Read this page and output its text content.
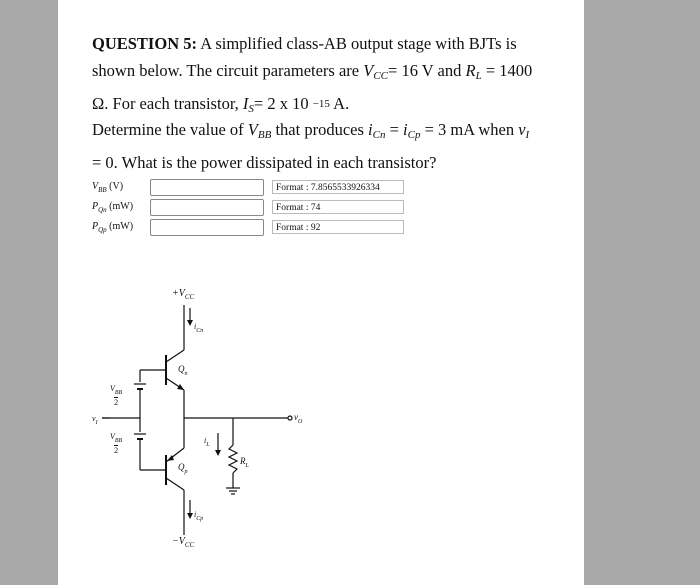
QUESTION 5: A simplified class-AB output stage with BJTs is
shown below. The circuit parameters are $V_{CC}= 16$ V and $R_L = 1400$
Ω. For each transistor, $I_S= 2$ x 10 $^{-15}$ A.
Determine the value of $V_{BB}$ that produces $i_{Cn} = i_{Cp} = 3$ mA when $v_I$
= 0. What is the power dissipated in each transistor?
$V_{BB}$ (V)	Format : 7.8565533926334
$P_{Qn}$ (mW)	Format : 74
$P_{Qp}$ (mW)	Format : 92
$+V_{CC}$
$i_{Cn}$
$Q_n$
$V_{BB}$
2
$v_I$
$v_O$
$V_{BB}$
2
$i_L$
$R_L$
$Q_p$
$i_{Cp}$
$-V_{CC}$
